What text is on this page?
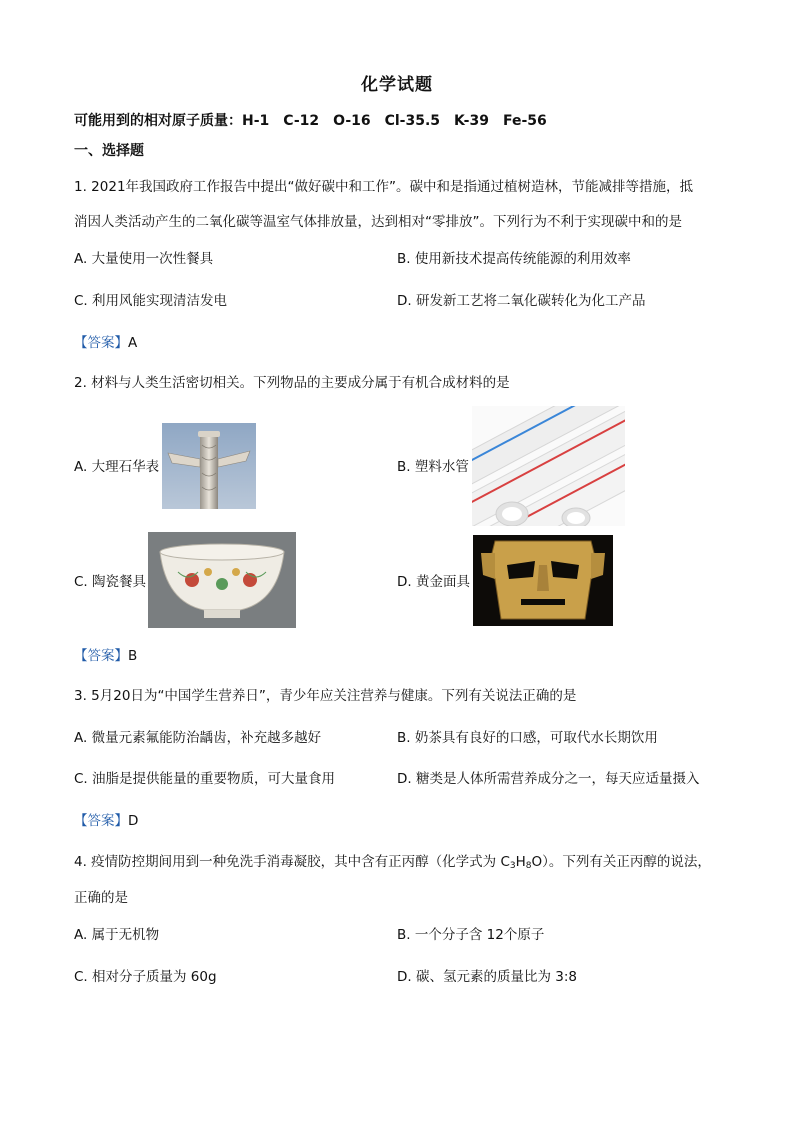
化学试题
可能用到的相对原子质量：H-1　C-12　O-16　Cl-35.5　K-39　Fe-56
一、选择题
1. 2021年我国政府工作报告中提出“做好碳中和工作”。碳中和是指通过植树造林，节能减排等措施，抵
消因人类活动产生的二氧化碳等温室气体排放量，达到相对“零排放”。下列行为不利于实现碳中和的是
A. 大量使用一次性餐具	B. 使用新技术提高传统能源的利用效率
C. 利用风能实现清洁发电	D. 研发新工艺将二氧化碳转化为化工产品
【答案】A
2. 材料与人类生活密切相关。下列物品的主要成分属于有机合成材料的是
A. 大理石华表	B. 塑料水管
C. 陶瓷餐具	D. 黄金面具
【答案】B
3. 5月20日为“中国学生营养日”，青少年应关注营养与健康。下列有关说法正确的是
A. 微量元素氟能防治龋齿，补充越多越好	B. 奶茶具有良好的口感，可取代水长期饮用
C. 油脂是提供能量的重要物质，可大量食用	D. 糖类是人体所需营养成分之一，每天应适量摄入
【答案】D
4. 疫情防控期间用到一种免洗手消毒凝胶，其中含有正丙醇（化学式为 $C_3H_8O$）。下列有关正丙醇的说法，
正确的是
A. 属于无机物	B. 一个分子含 12个原子
C. 相对分子质量为 60g	D. 碳、氢元素的质量比为 3:8
